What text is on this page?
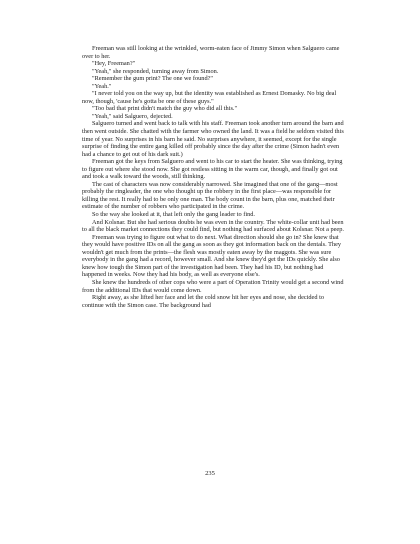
Freeman was still looking at the wrinkled, worm-eaten face of Jimmy Simon when Salguero came over to her.

"Hey, Freeman?"

"Yeah," she responded, turning away from Simon.

"Remember the gum print? The one we found?"

"Yeah."

"I never told you on the way up, but the identity was established as Ernest Domasky. No big deal now, though, 'cause he's gotta be one of these guys."

"Too bad that print didn't match the guy who did all this."

"Yeah," said Salguero, dejected.

Salguero turned and went back to talk with his staff. Freeman took another turn around the barn and then went outside. She chatted with the farmer who owned the land. It was a field he seldom visited this time of year. No surprises in his barn he said. No surprises anywhere, it seemed, except for the single surprise of finding the entire gang killed off probably since the day after the crime (Simon hadn't even had a chance to get out of his dark suit.)

Freeman got the keys from Salguero and went to his car to start the heater. She was thinking, trying to figure out where she stood now. She got restless sitting in the warm car, though, and finally got out and took a walk toward the woods, still thinking.

The cast of characters was now considerably narrowed. She imagined that one of the gang—most probably the ringleader, the one who thought up the robbery in the first place—was responsible for killing the rest. It really had to be only one man. The body count in the barn, plus one, matched their estimate of the number of robbers who participated in the crime.

So the way she looked at it, that left only the gang leader to find.

And Kolsnar. But she had serious doubts he was even in the country. The white-collar unit had been to all the black market connections they could find, but nothing had surfaced about Kolsnar. Not a peep.

Freeman was trying to figure out what to do next. What direction should she go in? She knew that they would have positive IDs on all the gang as soon as they got information back on the dentals. They wouldn't get much from the prints—the flesh was mostly eaten away by the maggots. She was sure everybody in the gang had a record, however small. And she knew they'd get the IDs quickly. She also knew how tough the Simon part of the investigation had been. They had his ID, but nothing had happened in weeks. Now they had his body, as well as everyone else's.

She knew the hundreds of other cops who were a part of Operation Trinity would get a second wind from the additional IDs that would come down.

Right away, as she lifted her face and let the cold snow hit her eyes and nose, she decided to continue with the Simon case. The background had

235
